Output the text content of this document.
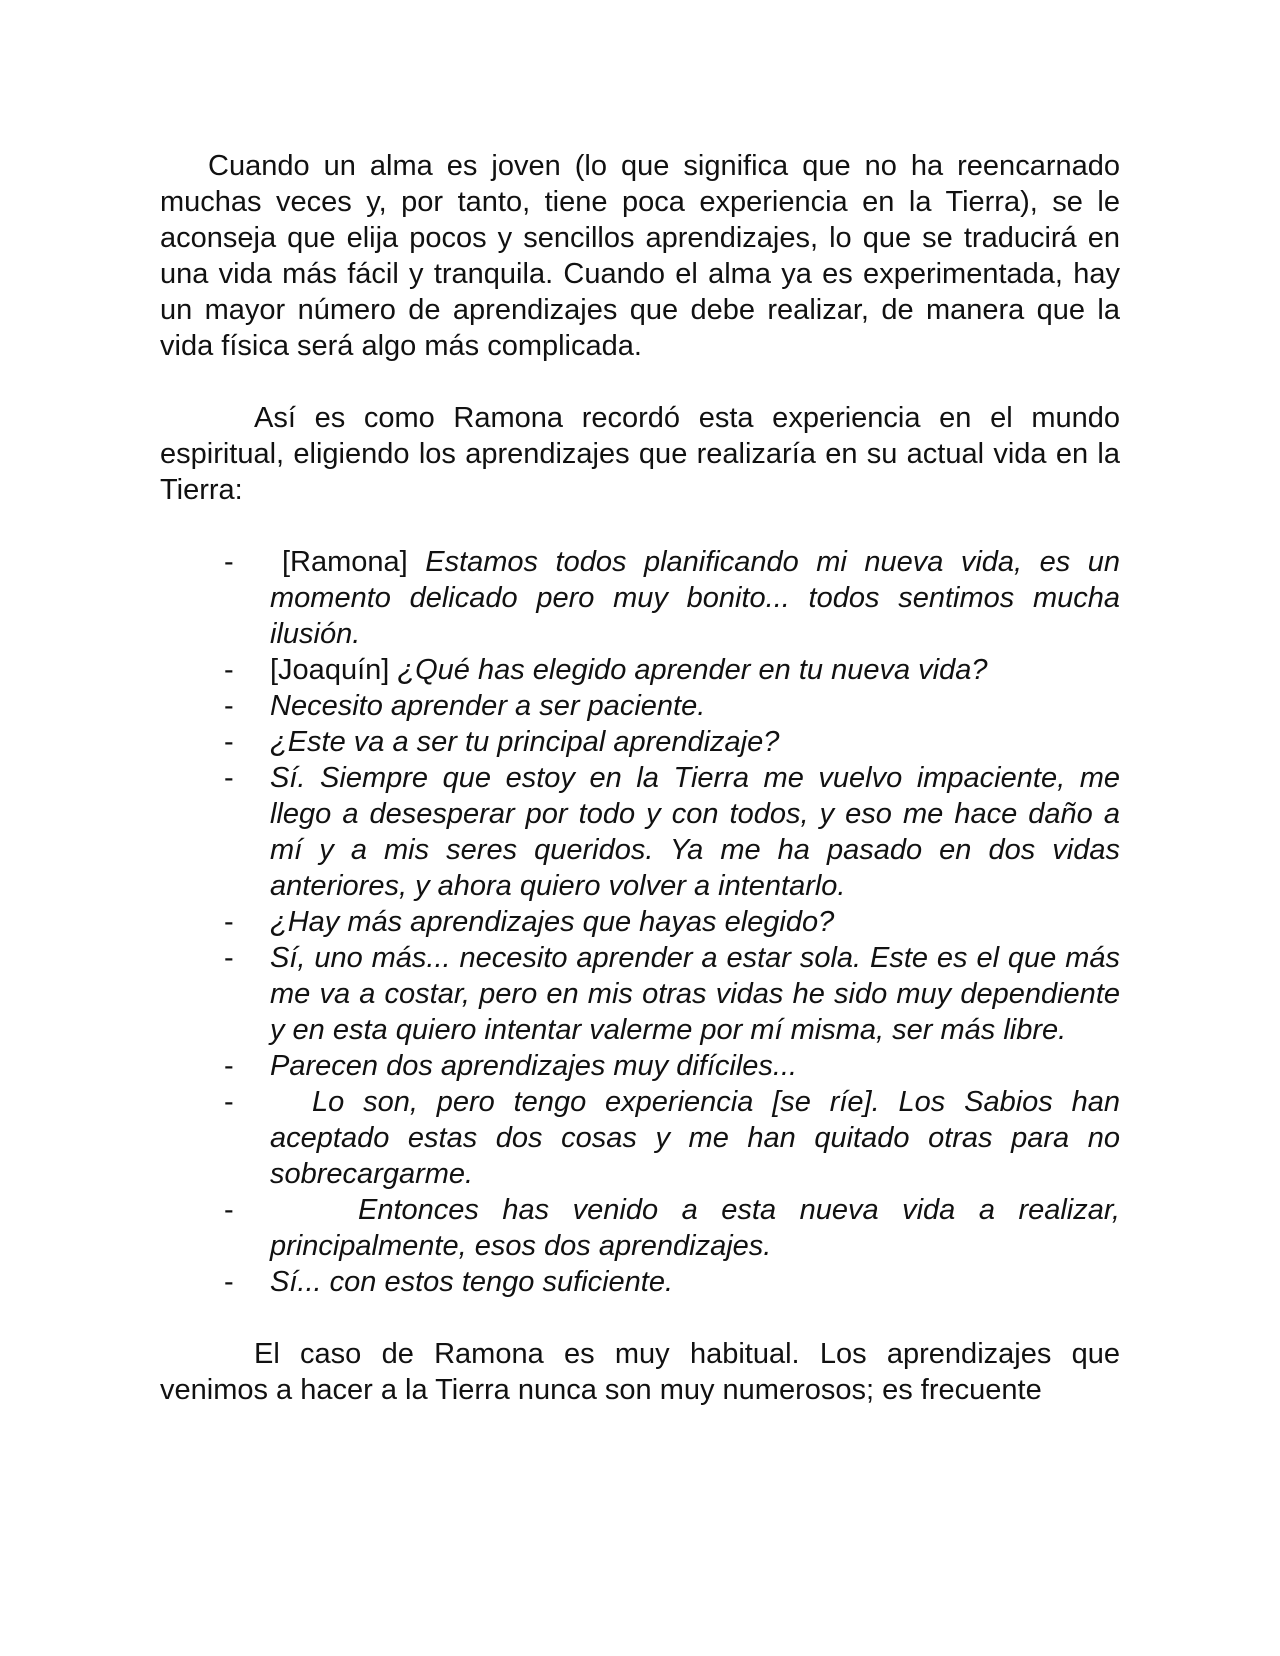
Cuando un alma es joven (lo que significa que no ha reencarnado muchas veces y, por tanto, tiene poca experiencia en la Tierra), se le aconseja que elija pocos y sencillos aprendizajes, lo que se traducirá en una vida más fácil y tranquila. Cuando el alma ya es experimentada, hay un mayor número de aprendizajes que debe realizar, de manera que la vida física será algo más complicada.

Así es como Ramona recordó esta experiencia en el mundo espiritual, eligiendo los aprendizajes que realizaría en su actual vida en la Tierra:

- [Ramona] Estamos todos planificando mi nueva vida, es un momento delicado pero muy bonito... todos sentimos mucha ilusión.
- [Joaquín] ¿Qué has elegido aprender en tu nueva vida?
- Necesito aprender a ser paciente.
- ¿Este va a ser tu principal aprendizaje?
- Sí. Siempre que estoy en la Tierra me vuelvo impaciente, me llego a desesperar por todo y con todos, y eso me hace daño a mí y a mis seres queridos. Ya me ha pasado en dos vidas anteriores, y ahora quiero volver a intentarlo.
- ¿Hay más aprendizajes que hayas elegido?
- Sí, uno más... necesito aprender a estar sola. Este es el que más me va a costar, pero en mis otras vidas he sido muy dependiente y en esta quiero intentar valerme por mí misma, ser más libre.
- Parecen dos aprendizajes muy difíciles...
-	Lo son, pero tengo experiencia [se ríe]. Los Sabios han aceptado estas dos cosas y me han quitado otras para no sobrecargarme.
-	Entonces has venido a esta nueva vida a realizar, principalmente, esos dos aprendizajes.
- Sí... con estos tengo suficiente.

El caso de Ramona es muy habitual. Los aprendizajes que venimos a hacer a la Tierra nunca son muy numerosos; es frecuente
